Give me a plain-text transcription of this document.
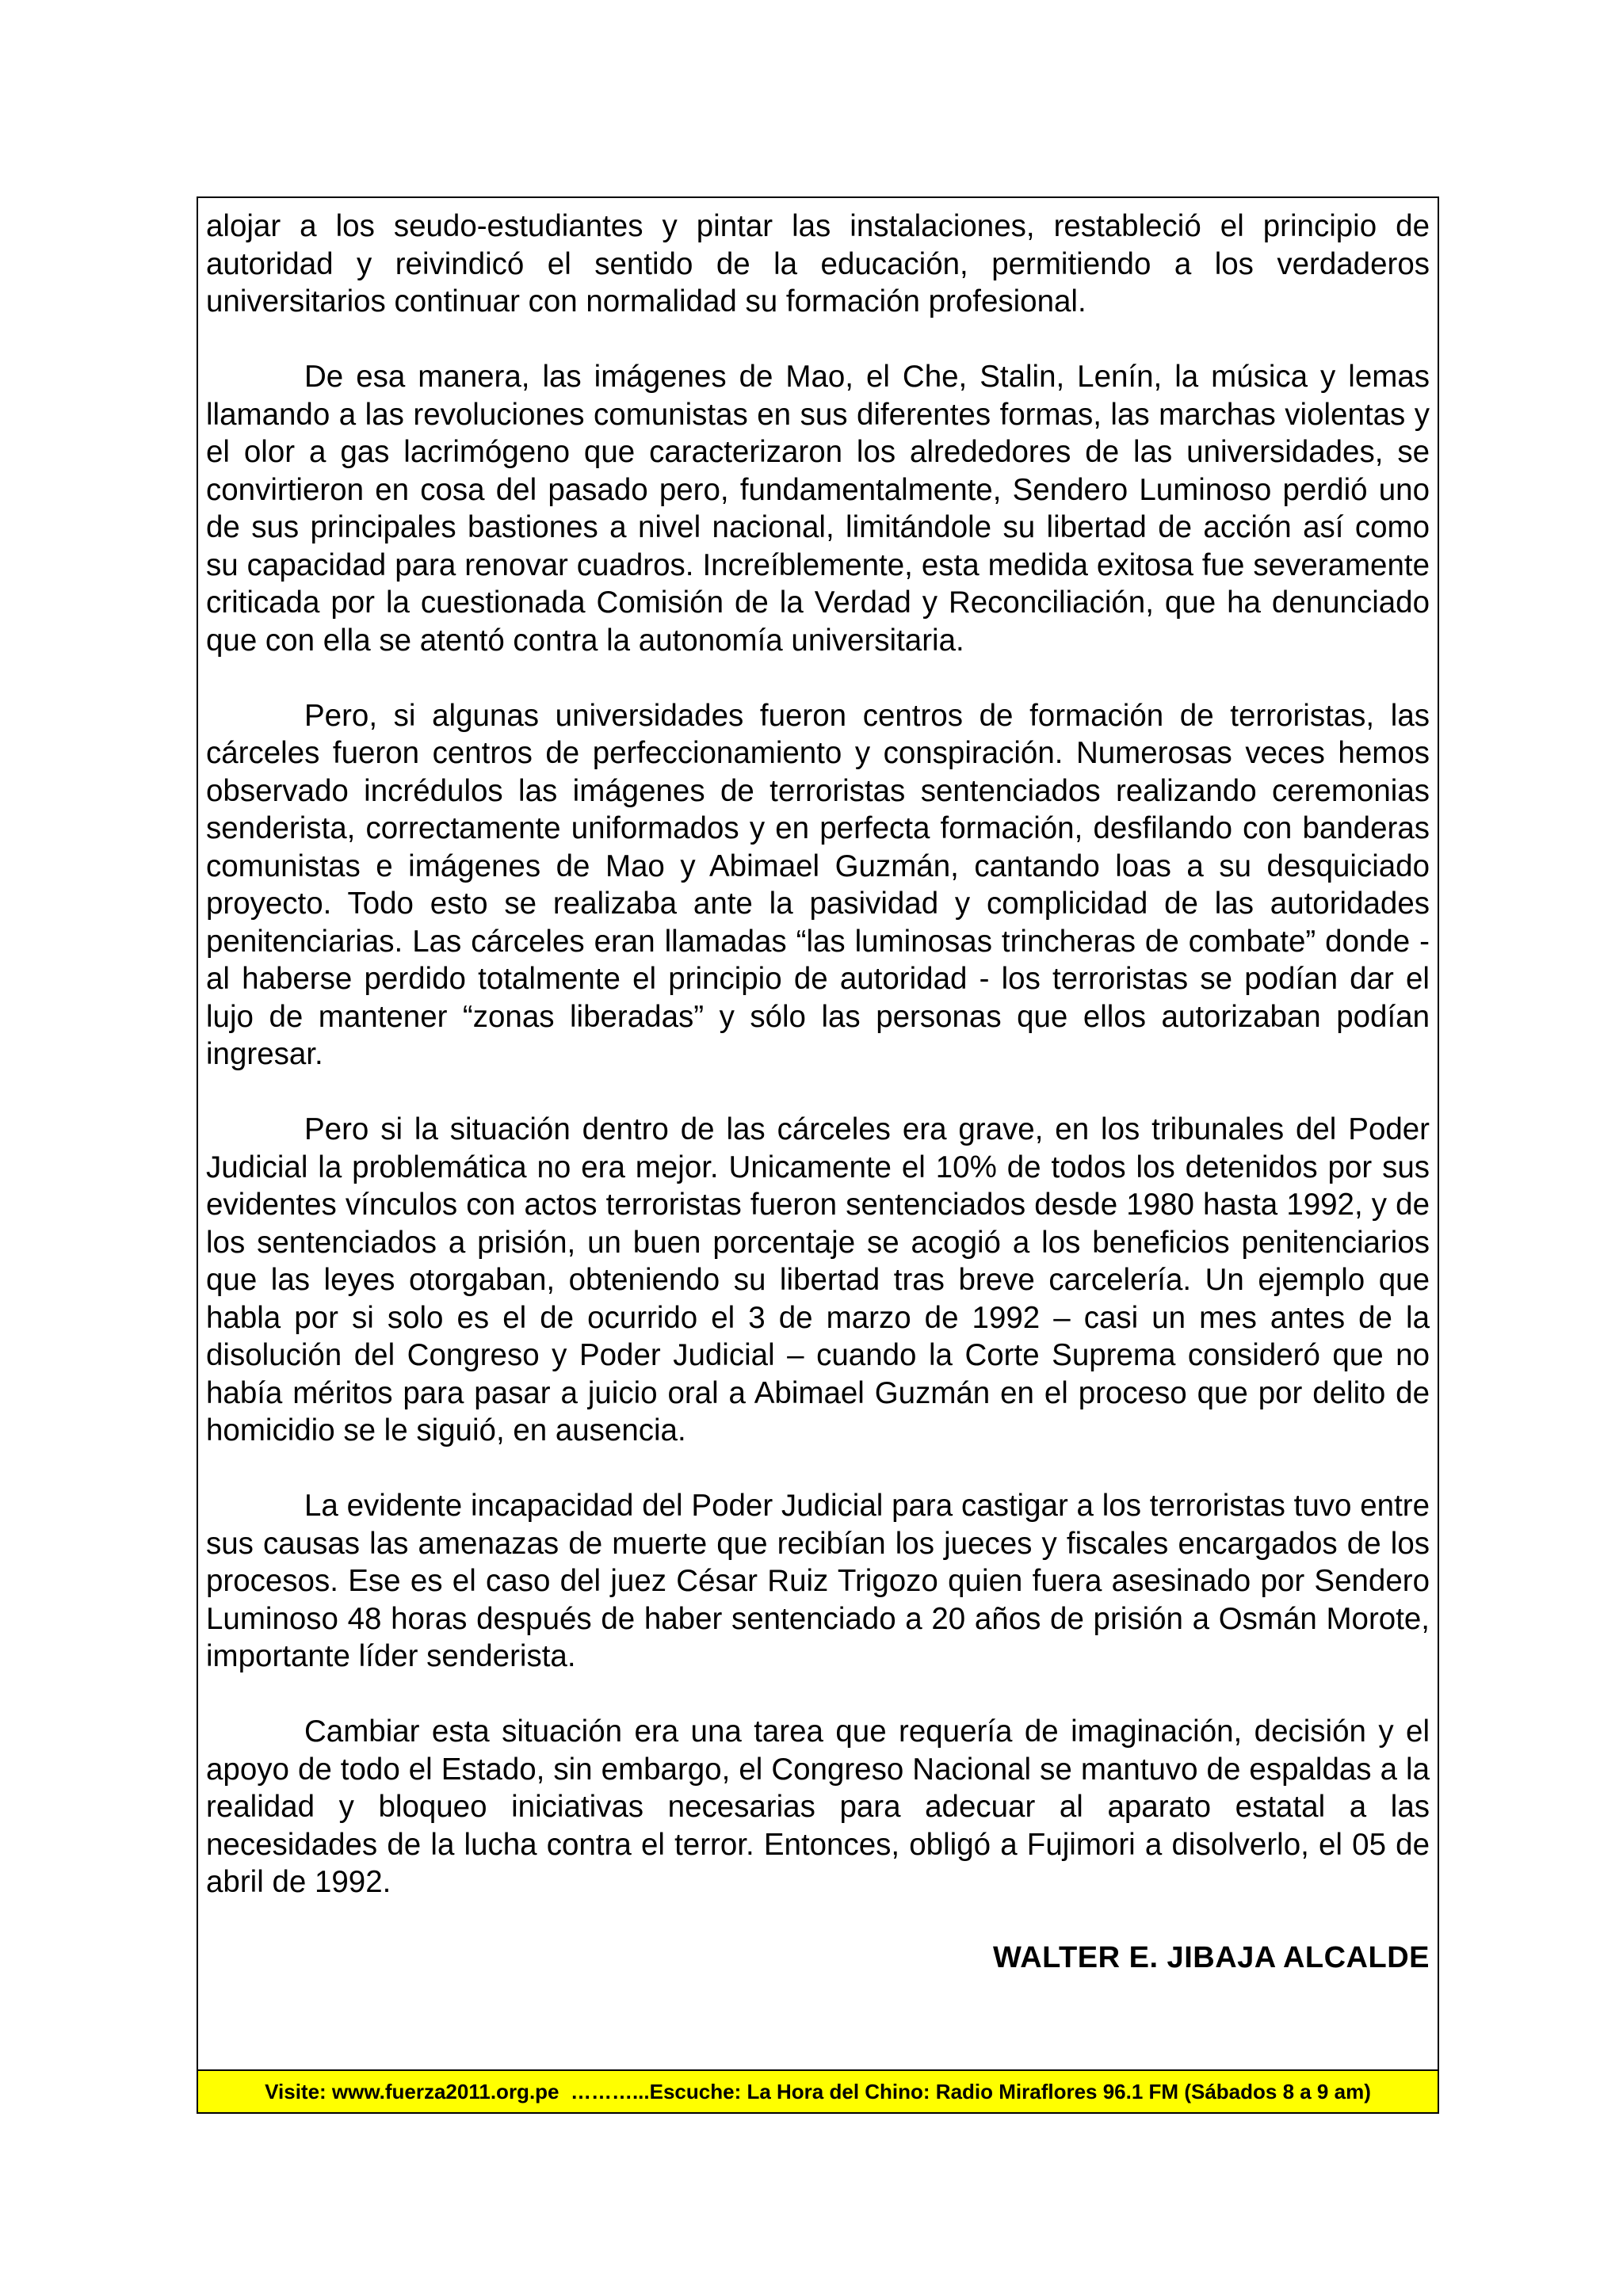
alojar a los seudo-estudiantes y pintar las instalaciones, restableció el principio de autoridad y reivindicó el sentido de la educación, permitiendo a los verdaderos universitarios continuar con normalidad su formación profesional.

De esa manera, las imágenes de Mao, el Che, Stalin, Lenín, la música y lemas llamando a las revoluciones comunistas en sus diferentes formas, las marchas violentas y el olor a gas lacrimógeno que caracterizaron los alrededores de las universidades, se convirtieron en cosa del pasado pero, fundamentalmente, Sendero Luminoso perdió uno de sus principales bastiones a nivel nacional, limitándole su libertad de acción así como su capacidad para renovar cuadros. Increíblemente, esta medida exitosa fue severamente criticada por la cuestionada Comisión de la Verdad y Reconciliación, que ha denunciado que con ella se atentó contra la autonomía universitaria.

Pero, si algunas universidades fueron centros de formación de terroristas, las cárceles fueron centros de perfeccionamiento y conspiración. Numerosas veces hemos observado incrédulos las imágenes de terroristas sentenciados realizando ceremonias senderista, correctamente uniformados y en perfecta formación, desfilando con banderas comunistas e imágenes de Mao y Abimael Guzmán, cantando loas a su desquiciado proyecto. Todo esto se realizaba ante la pasividad y complicidad de las autoridades penitenciarias. Las cárceles eran llamadas “las luminosas trincheras de combate” donde - al haberse perdido totalmente el principio de autoridad - los terroristas se podían dar el lujo de mantener “zonas liberadas” y sólo las personas que ellos autorizaban podían ingresar.

Pero si la situación dentro de las cárceles era grave, en los tribunales del Poder Judicial la problemática no era mejor. Unicamente el 10% de todos los detenidos por sus evidentes vínculos con actos terroristas fueron sentenciados desde 1980 hasta 1992, y de los sentenciados a prisión, un buen porcentaje se acogió a los beneficios penitenciarios que las leyes otorgaban, obteniendo su libertad tras breve carcelería. Un ejemplo que habla por si solo es el de ocurrido el 3 de marzo de 1992 – casi un mes antes de la disolución del Congreso y Poder Judicial – cuando la Corte Suprema consideró que no había méritos para pasar a juicio oral a Abimael Guzmán en el proceso que por delito de homicidio se le siguió, en ausencia.

La evidente incapacidad del Poder Judicial para castigar a los terroristas tuvo entre sus causas las amenazas de muerte que recibían los jueces y fiscales encargados de los procesos. Ese es el caso del juez César Ruiz Trigozo quien fuera asesinado por Sendero Luminoso 48 horas después de haber sentenciado a 20 años de prisión a Osmán Morote, importante líder senderista.

Cambiar esta situación era una tarea que requería de imaginación, decisión y el apoyo de todo el Estado, sin embargo, el Congreso Nacional se mantuvo de espaldas a la realidad y bloqueo iniciativas necesarias para adecuar al aparato estatal a las necesidades de la lucha contra el terror. Entonces, obligó a Fujimori a disolverlo, el 05 de abril de 1992.

WALTER E. JIBAJA ALCALDE

Visite: www.fuerza2011.org.pe  ………...Escuche: La Hora del Chino: Radio Miraflores 96.1 FM (Sábados 8 a 9 am)
